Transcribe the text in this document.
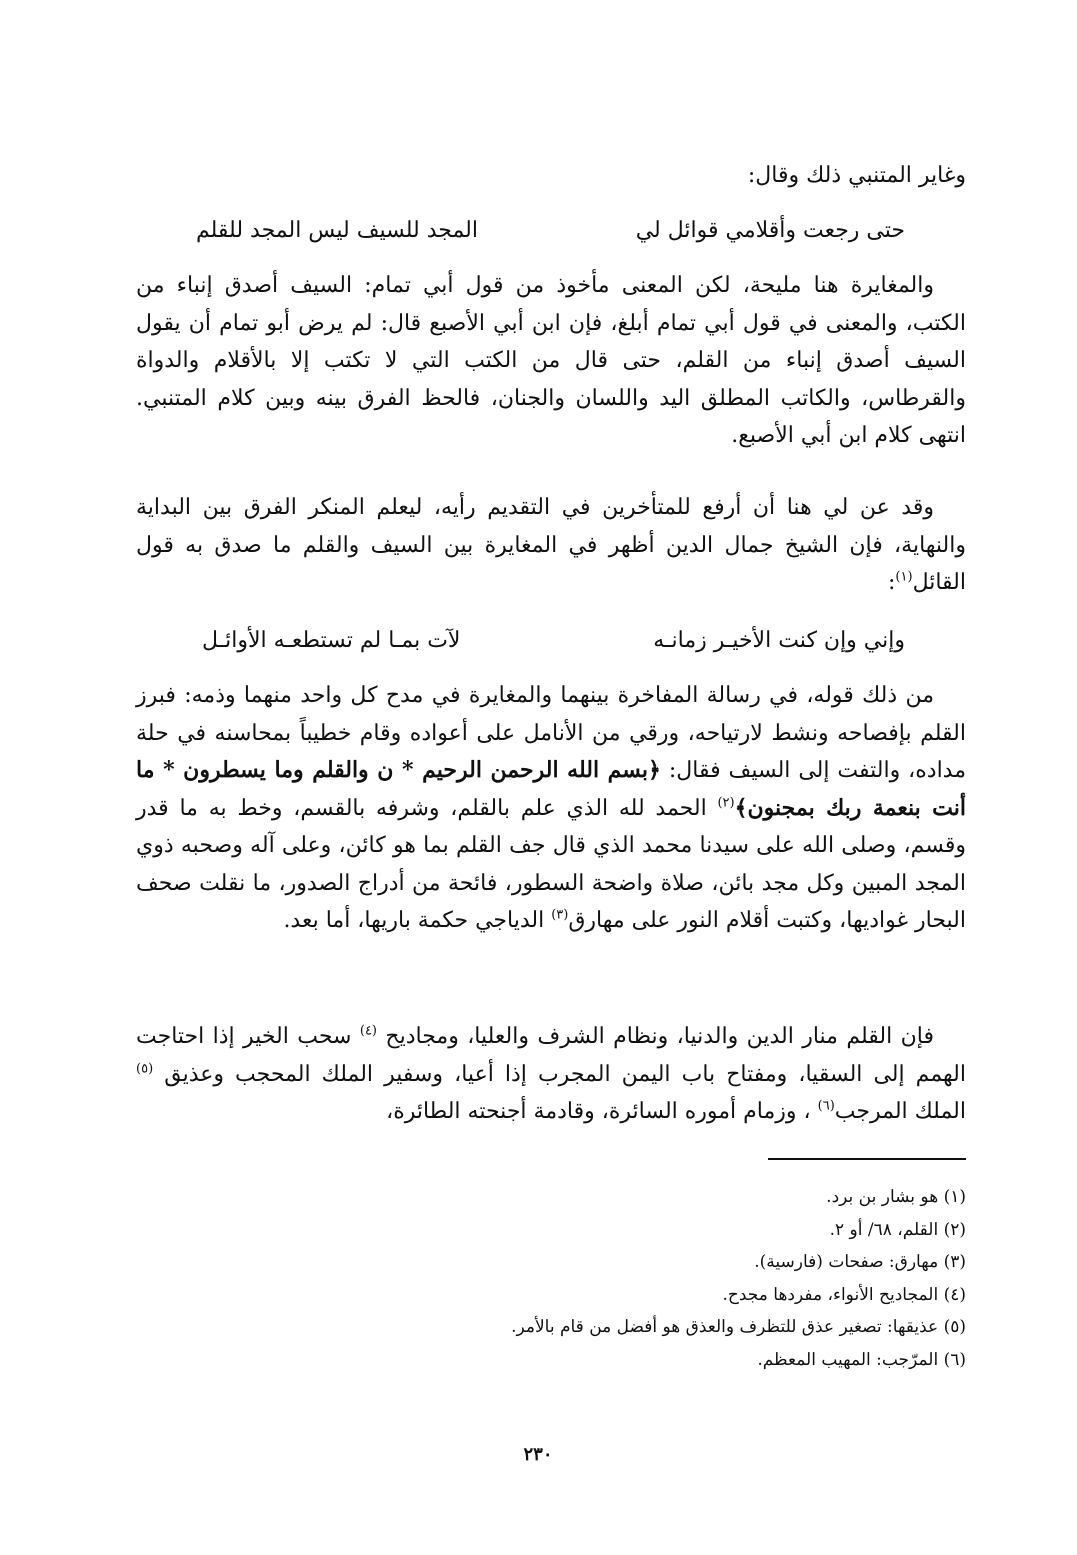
وغاير المتنبي ذلك وقال:
حتى رجعت وأقلامي قوائل لي
المجد للسيف ليس المجد للقلم
والمغايرة هنا مليحة، لكن المعنى مأخوذ من قول أبي تمام: السيف أصدق إنباء من الكتب، والمعنى في قول أبي تمام أبلغ، فإن ابن أبي الأصبع قال: لم يرض أبو تمام أن يقول السيف أصدق إنباء من القلم، حتى قال من الكتب التي لا تكتب إلا بالأقلام والدواة والقرطاس، والكاتب المطلق اليد واللسان والجنان، فالحظ الفرق بينه وبين كلام المتنبي. انتهى كلام ابن أبي الأصبع.
وقد عن لي هنا أن أرفع للمتأخرين في التقديم رأيه، ليعلم المنكر الفرق بين البداية والنهاية، فإن الشيخ جمال الدين أظهر في المغايرة بين السيف والقلم ما صدق به قول القائل$^{(١)}$:
وإني وإن كنت الأخيـر زمانـه
لآت بمـا لم تستطعـه الأوائـل
من ذلك قوله، في رسالة المفاخرة بينهما والمغايرة في مدح كل واحد منهما وذمه: فبرز القلم بإفصاحه ونشط لارتياحه، ورقي من الأنامل على أعواده وقام خطيباً بمحاسنه في حلة مداده، والتفت إلى السيف فقال: ﴿بسم الله الرحمن الرحيم * ن والقلم وما يسطرون * ما أنت بنعمة ربك بمجنون﴾$^{(٢)}$ الحمد لله الذي علم بالقلم، وشرفه بالقسم، وخط به ما قدر وقسم، وصلى الله على سيدنا محمد الذي قال جف القلم بما هو كائن، وعلى آله وصحبه ذوي المجد المبين وكل مجد بائن، صلاة واضحة السطور، فائحة من أدراج الصدور، ما نقلت صحف البحار غواديها، وكتبت أقلام النور على مهارق$^{(٣)}$ الدياجي حكمة باريها، أما بعد.
فإن القلم منار الدين والدنيا، ونظام الشرف والعليا، ومجاديح $^{(٤)}$ سحب الخير إذا احتاجت الهمم إلى السقيا، ومفتاح باب اليمن المجرب إذا أعيا، وسفير الملك المحجب وعذيق $^{(٥)}$ الملك المرجب$^{(٦)}$ ، وزمام أموره السائرة، وقادمة أجنحته الطائرة،
(١) هو بشار بن برد.
(٢) القلم، ٦٨/ أو ٢.
(٣) مهارق: صفحات (فارسية).
(٤) المجاديح الأنواء، مفردها مجدح.
(٥) عذيقها: تصغير عذق للتظرف والعذق هو أفضل من قام بالأمر.
(٦) المرّجب: المهيب المعظم.
٢٣٠
